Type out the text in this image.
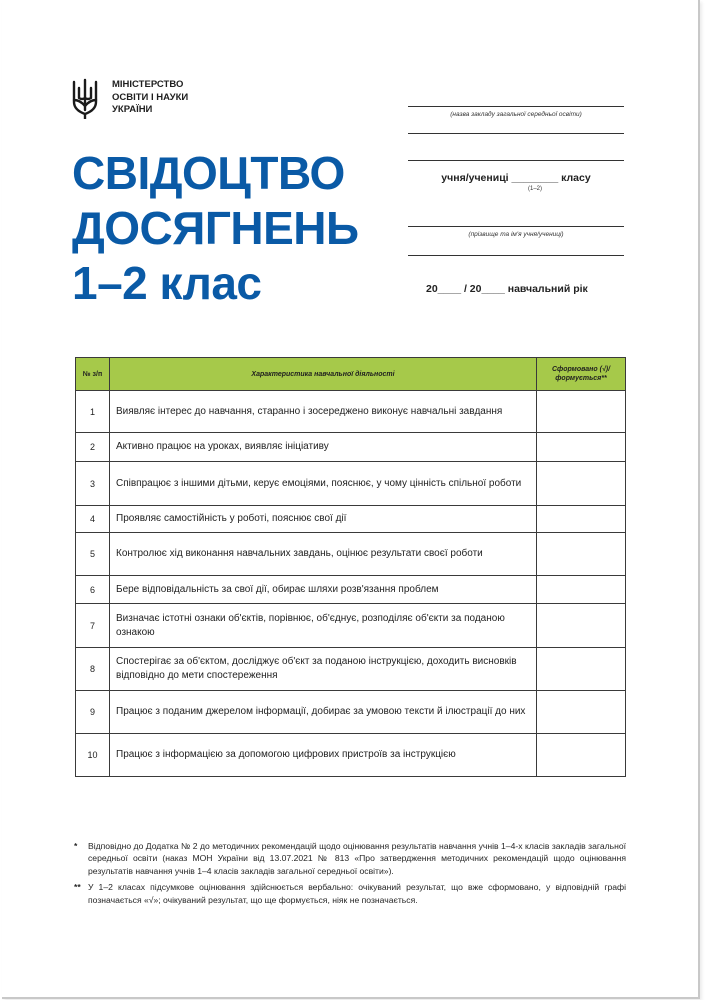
МІНІСТЕРСТВО
ОСВІТИ І НАУКИ
УКРАЇНИ
СВІДОЦТВО
ДОСЯГНЕНЬ
1–2 клас
(назва закладу загальної середньої освіти)
учня/учениці ________ класу
(1–2)
(прізвище та ім'я учня/учениці)
20____ / 20____ навчальний рік
№ з/п	Характеристика навчальної діяльності	Сформовано (√)/ формується**
1	Виявляє інтерес до навчання, старанно і зосереджено виконує навчальні завдання	
2	Активно працює на уроках, виявляє ініціативу	
3	Співпрацює з іншими дітьми, керує емоціями, пояснює, у чому цінність спільної роботи	
4	Проявляє самостійність у роботі, пояснює свої дії	
5	Контролює хід виконання навчальних завдань, оцінює результати своєї роботи	
6	Бере відповідальність за свої дії, обирає шляхи розв'язання проблем	
7	Визначає істотні ознаки об'єктів, порівнює, об'єднує, розподіляє об'єкти за поданою ознакою	
8	Спостерігає за об'єктом, досліджує об'єкт за поданою інструкцією, доходить висновків відповідно до мети спостереження	
9	Працює з поданим джерелом інформації, добирає за умовою тексти й ілюстрації до них	
10	Працює з інформацією за допомогою цифрових пристроїв за інструкцією	
* Відповідно до Додатка № 2 до методичних рекомендацій щодо оцінювання результатів навчання учнів 1–4-х класів закладів загальної середньої освіти (наказ МОН України від 13.07.2021 № 813 «Про затвердження методичних рекомендацій щодо оцінювання результатів навчання учнів 1–4 класів закладів загальної середньої освіти»).
** У 1–2 класах підсумкове оцінювання здійснюється вербально: очікуваний результат, що вже сформовано, у відповідній графі позначається «√»; очікуваний результат, що ще формується, ніяк не позначається.
